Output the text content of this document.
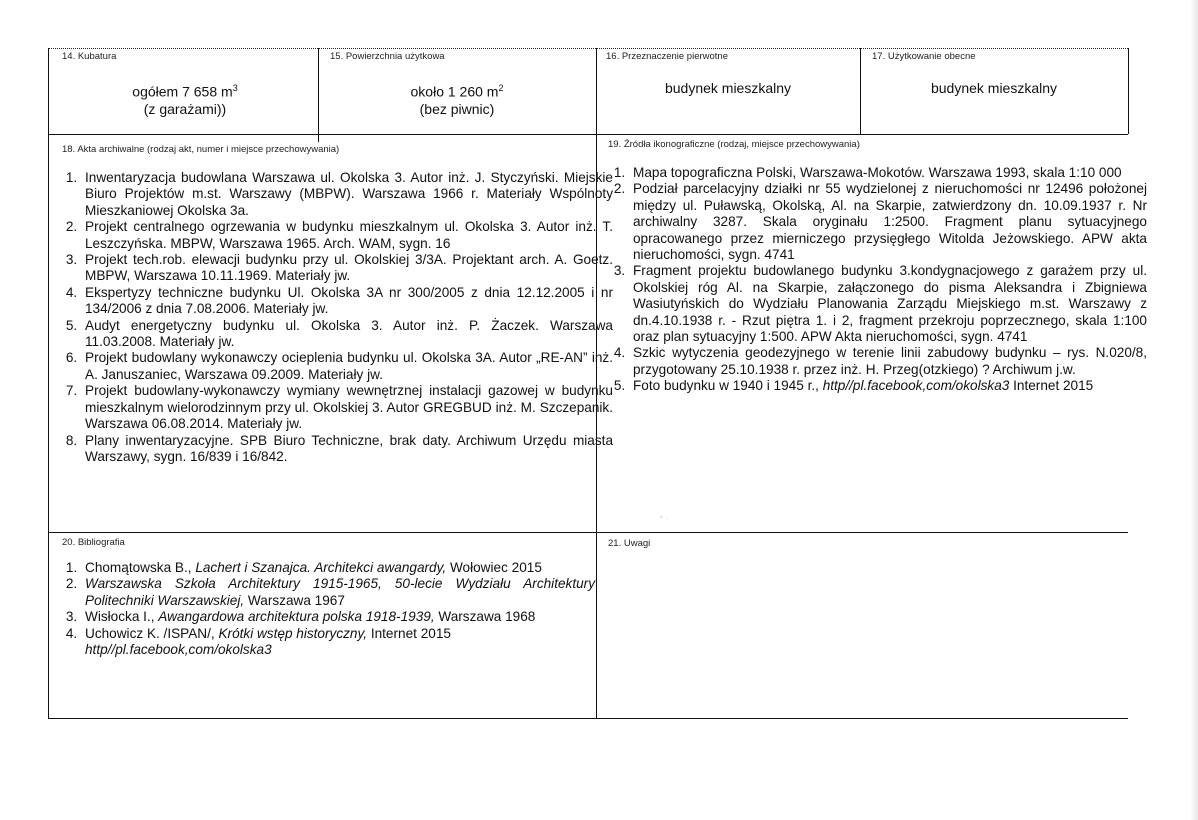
14. Kubatura
ogółem 7 658 $m^3$
(z garażami))
15. Powierzchnia użytkowa
około 1 260 $m^2$
(bez piwnic)
16. Przeznaczenie pierwotne
budynek mieszkalny
17. Użytkowanie obecne
budynek mieszkalny
18. Akta archiwalne (rodzaj akt, numer i miejsce przechowywania)
1. Inwentaryzacja budowlana Warszawa ul. Okolska 3. Autor inż. J. Styczyński. Miejskie Biuro Projektów m.st. Warszawy (MBPW). Warszawa 1966 r. Materiały Wspólnoty Mieszkaniowej Okolska 3a.
2. Projekt centralnego ogrzewania w budynku mieszkalnym ul. Okolska 3. Autor inż. T. Leszczyńska. MBPW, Warszawa 1965. Arch. WAM, sygn. 16
3. Projekt tech.rob. elewacji budynku przy ul. Okolskiej 3/3A. Projektant arch. A. Goetz. MBPW, Warszawa 10.11.1969. Materiały jw.
4. Ekspertyzy techniczne budynku Ul. Okolska 3A nr 300/2005 z dnia 12.12.2005 i nr 134/2006 z dnia 7.08.2006. Materiały jw.
5. Audyt energetyczny budynku ul. Okolska 3. Autor inż. P. Żaczek. Warszawa 11.03.2008. Materiały jw.
6. Projekt budowlany wykonawczy ocieplenia budynku ul. Okolska 3A. Autor „RE-AN” inż. A. Januszaniec, Warszawa 09.2009. Materiały jw.
7. Projekt budowlany-wykonawczy wymiany wewnętrznej instalacji gazowej w budynku mieszkalnym wielorodzinnym przy ul. Okolskiej 3. Autor GREGBUD inż. M. Szczepanik. Warszawa 06.08.2014. Materiały jw.
8. Plany inwentaryzacyjne. SPB Biuro Techniczne, brak daty. Archiwum Urzędu miasta Warszawy, sygn. 16/839 i 16/842.
19. Źródła ikonograficzne (rodzaj, miejsce przechowywania)
1. Mapa topograficzna Polski, Warszawa-Mokotów. Warszawa 1993, skala 1:10 000
2. Podział parcelacyjny działki nr 55 wydzielonej z nieruchomości nr 12496 położonej między ul. Puławską, Okolską, Al. na Skarpie, zatwierdzony dn. 10.09.1937 r. Nr archiwalny 3287. Skala oryginału 1:2500. Fragment planu sytuacyjnego opracowanego przez mierniczego przysięgłego Witolda Jeżowskiego. APW akta nieruchomości, sygn. 4741
3. Fragment projektu budowlanego budynku 3.kondygnacjowego z garażem przy ul. Okolskiej róg Al. na Skarpie, załączonego do pisma Aleksandra i Zbigniewa Wasiutyńskich do Wydziału Planowania Zarządu Miejskiego m.st. Warszawy z dn.4.10.1938 r. - Rzut piętra 1. i 2, fragment przekroju poprzecznego, skala 1:100 oraz plan sytuacyjny 1:500. APW Akta nieruchomości, sygn. 4741
4. Szkic wytyczenia geodezyjnego w terenie linii zabudowy budynku – rys. N.020/8, przygotowany 25.10.1938 r. przez inż. H. Przeg(otzkiego) ? Archiwum j.w.
5. Foto budynku w 1940 i 1945 r., http//pl.facebook,com/okolska3 Internet 2015
ﾞ ˑ
20. Bibliografia
1. Chomątowska B., Lachert i Szanajca. Architekci awangardy, Wołowiec 2015
2. Warszawska Szkoła Architektury 1915-1965, 50-lecie Wydziału Architektury Politechniki Warszawskiej, Warszawa 1967
3. Wisłocka I., Awangardowa architektura polska 1918-1939, Warszawa 1968
4. Uchowicz K. /ISPAN/, Krótki wstęp historyczny, Internet 2015
http//pl.facebook,com/okolska3
21. Uwagi
